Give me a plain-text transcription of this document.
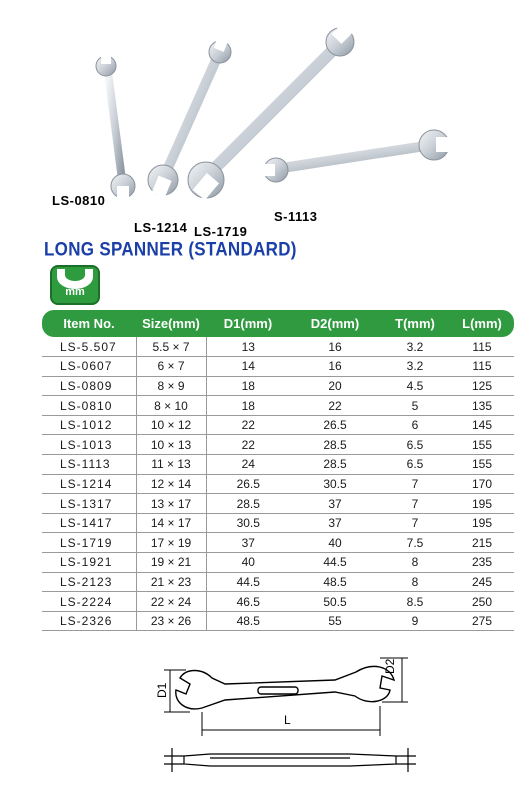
LS-0810
LS-1214 LS-1719
S-1113
LONG SPANNER (STANDARD)
mm
Item No.	Size(mm)	D1(mm)	D2(mm)	T(mm)	L(mm)
LS-5.507	5.5 × 7	13	16	3.2	115
LS-0607	6 × 7	14	16	3.2	115
LS-0809	8 × 9	18	20	4.5	125
LS-0810	8 × 10	18	22	5	135
LS-1012	10 × 12	22	26.5	6	145
LS-1013	10 × 13	22	28.5	6.5	155
LS-1113	11 × 13	24	28.5	6.5	155
LS-1214	12 × 14	26.5	30.5	7	170
LS-1317	13 × 17	28.5	37	7	195
LS-1417	14 × 17	30.5	37	7	195
LS-1719	17 × 19	37	40	7.5	215
LS-1921	19 × 21	40	44.5	8	235
LS-2123	21 × 23	44.5	48.5	8	245
LS-2224	22 × 24	46.5	50.5	8.5	250
LS-2326	23 × 26	48.5	55	9	275
D1
D2
L
